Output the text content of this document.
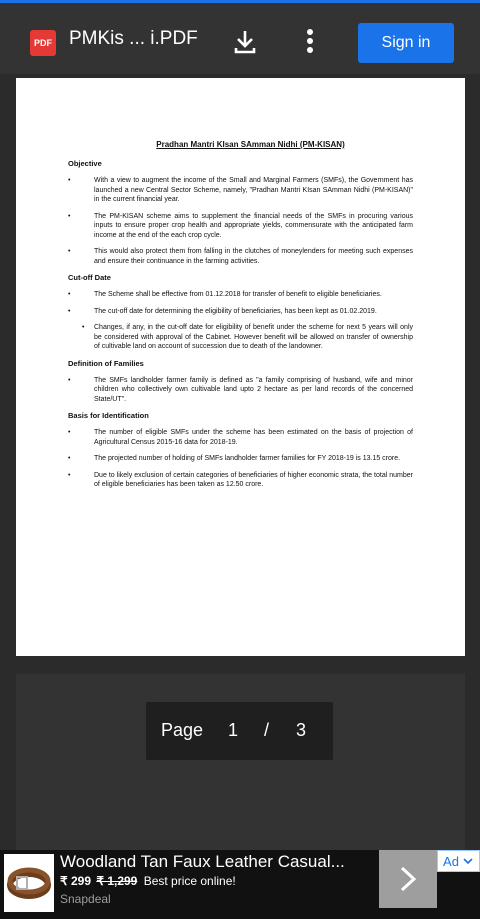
PDF PMKis ... i.PDF	Sign in
Pradhan Mantri KIsan SAmman Nidhi (PM-KISAN)
Objective
•	With a view to augment the income of the Small and Marginal Farmers (SMFs), the Government has launched a new Central Sector Scheme, namely, "Pradhan Mantri KIsan SAmman Nidhi (PM-KISAN)" in the current financial year.
•	The PM-KISAN scheme aims to supplement the financial needs of the SMFs in procuring various inputs to ensure proper crop health and appropriate yields, commensurate with the anticipated farm income at the end of the each crop cycle.
•	This would also protect them from falling in the clutches of moneylenders for meeting such expenses and ensure their continuance in the farming activities.
Cut-off Date
•	The Scheme shall be effective from 01.12.2018 for transfer of benefit to eligible beneficiaries.
•	The cut-off date for determining the eligibility of beneficiaries, has been kept as 01.02.2019.
• Changes, if any, in the cut-off date for eligibility of benefit under the scheme for next 5 years will only be considered with approval of the Cabinet. However benefit will be allowed on transfer of ownership of cultivable land on account of succession due to death of the landowner.
Definition of Families
•	The SMFs landholder farmer family is defined as "a family comprising of husband, wife and minor children who collectively own cultivable land upto 2 hectare as per land records of the concerned State/UT".
Basis for Identification
•	The number of eligible SMFs under the scheme has been estimated on the basis of projection of Agricultural Census 2015-16 data for 2018-19.
•	The projected number of holding of SMFs landholder farmer families for FY 2018-19 is 13.15 crore.
•	Due to likely exclusion of certain categories of beneficiaries of higher economic strata, the total number of eligible beneficiaries has been taken as 12.50 crore.
Page 1 / 3
Woodland Tan Faux Leather Casual...
₹ 299 ₹ 1,299 Best price online!
Snapdeal
Ad
